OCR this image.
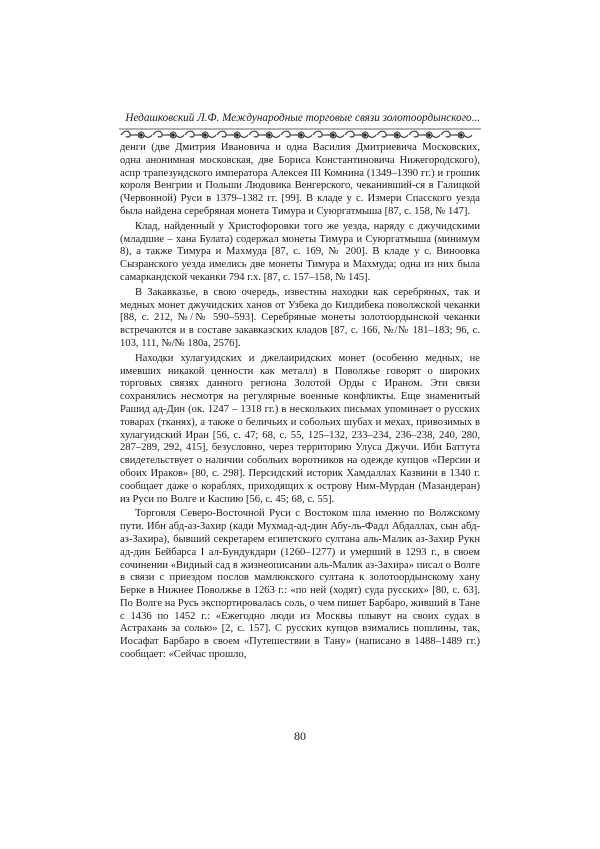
Недашковский Л.Ф. Международные торговые связи золотоордынского...

денги (две Дмитрия Ивановича и одна Василия Дмитриевича Московских, одна анонимная московская, две Бориса Константиновича Нижегородского), аспр трапезундского императора Алексея III Комнина (1349–1390 гг.) и грошик короля Венгрии и Польши Людовика Венгерского, чеканивший-ся в Галицкой (Червонной) Руси в 1379–1382 гг. [99]. В кладе у с. Измери Спасского уезда была найдена серебряная монета Тимура и Суюргатмыша [87, с. 158, № 147].

Клад, найденный у Христофоровки того же уезда, наряду с джучидскими (младшие – хана Булата) содержал монеты Тимура и Суюргатмыша (минимум 8), а также Тимура и Махмуда [87, с. 169, № 200]. В кладе у с. Виноовка Сызранского уезда имелись две монеты Тимура и Махмуда; одна из них была самаркандской чеканки 794 г.х. [87, с. 157–158, № 145].

В Закавказье, в свою очередь, известны находки как серебряных, так и медных монет джучидских ханов от Узбека до Килдибека поволжской чеканки [88, с. 212, №/№ 590–593]. Серебряные монеты золотоордынской чеканки встречаются и в составе закавказских кладов [87, с. 166, №/№ 181–183; 96, с. 103, 111, №/№ 180а, 2576].

Находки хулагуидских и джелаиридских монет (особенно медных, не имевших никакой ценности как металл) в Поволжье говорят о широких торговых связях данного региона Золотой Орды с Ираном. Эти связи сохранялись несмотря на регулярные военные конфликты. Еще знаменитый Рашид ад-Дин (ок. 1247 – 1318 гг.) в нескольких письмах упоминает о русских товарах (тканях), а также о беличьих и собольих шубах и мехах, привозимых в хулагуидский Иран [56, с. 47; 68, с. 55, 125–132, 233–234, 236–238, 240, 280, 287–289, 292, 415], безусловно, через территорию Улуса Джучи. Иби Баттута свидетельствует о наличии собольих воротников на одежде купцов «Персии и обоих Ираков» [80, с. 298]. Персидский историк Хамдаллах Казвини в 1340 г. сообщает даже о кораблях, приходящих к острову Ним-Мурдан (Мазандеран) из Руси по Волге и Каспию [56, с. 45; 68, с. 55].

Торговля Северо-Восточной Руси с Востоком шла именно по Волжскому пути. Ибн абд-аз-Захир (кади Мухмад-ад-дин Абу-ль-Фадл Абдаллах, сын абд-аз-Захира), бывший секретарем египетского султана аль-Малик аз-Захир Рукн ад-дин Бейбарса I ал-Бундукдари (1260–1277) и умерший в 1293 г., в своем сочинении «Видный сад в жизнеописании аль-Малик аз-Захира» писал о Волге в связи с приездом послов мамлюкского султана к золотоордынскому хану Берке в Нижнее Поволжье в 1263 г.: «по ней (ходят) суда русских» [80, с. 63]. По Волге на Русь экспортировалась соль, о чем пишет Барбаро, живший в Тане с 1436 по 1452 г.: «Ежегодно люди из Москвы плывут на своих судах в Астрахань за солью» [2, с. 157]. С русских купцов взимались пошлины, так, Иосафат Барбаро в своем «Путешествии в Тану» (написано в 1488–1489 гг.) сообщает: «Сейчас прошло,

80
